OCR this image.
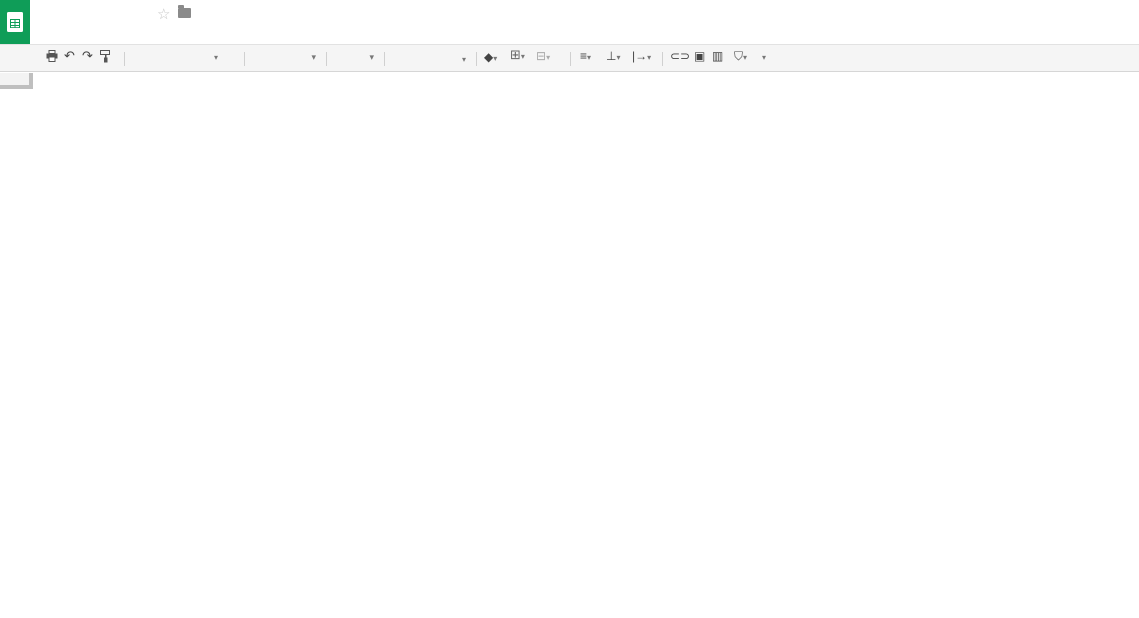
☆
↶ ↷	▾	▾	▾	▾ ◆▾ ⊞▾ ⊟▾ ≡▾ ⊥▾ |→▾ ⊂⊃ ▣ ▥ ⛉▾ ▾
